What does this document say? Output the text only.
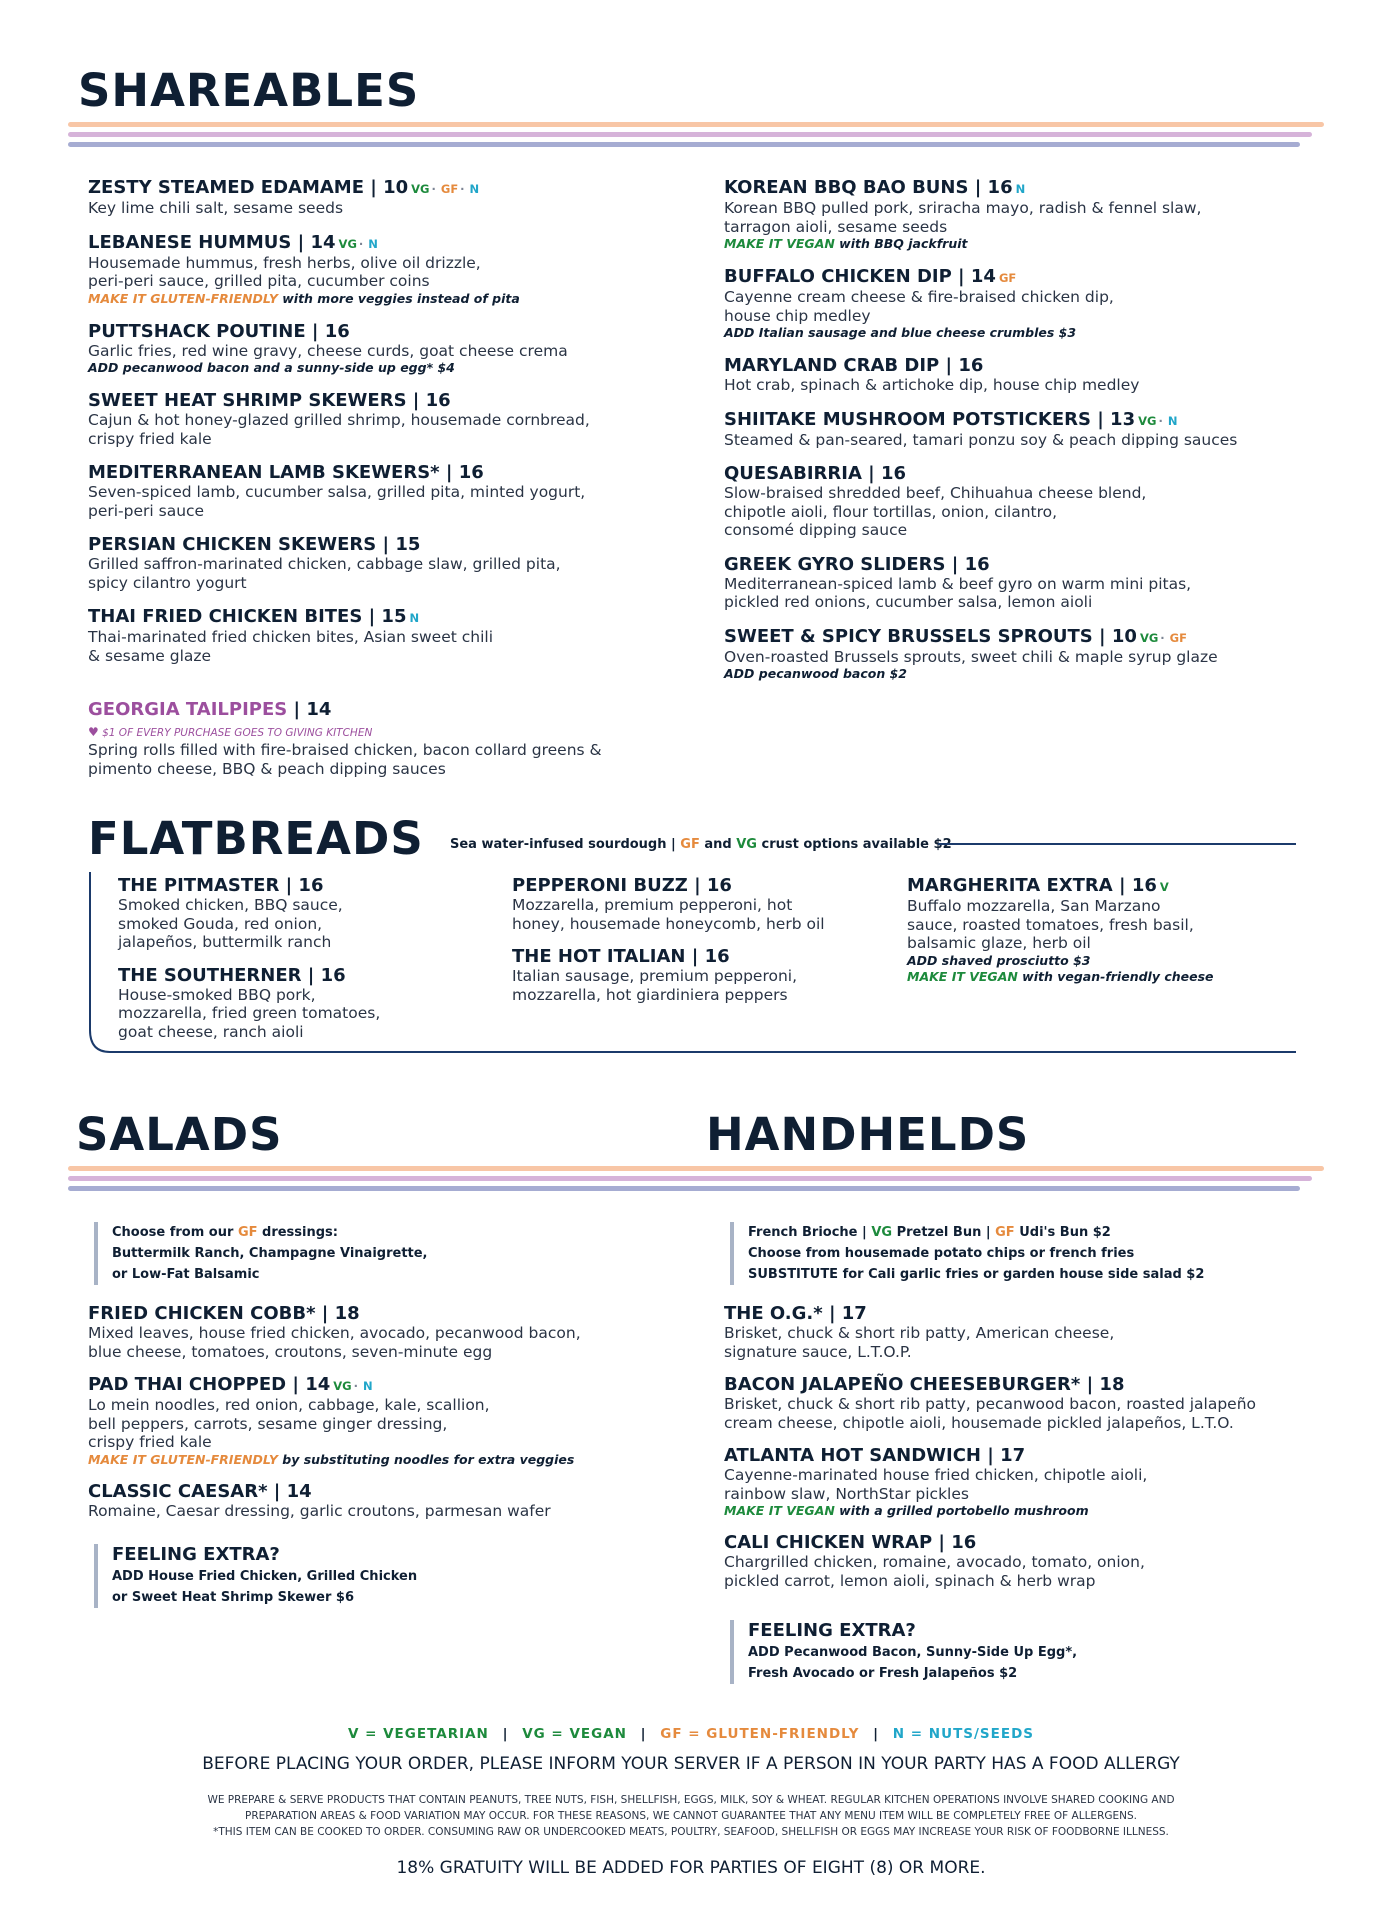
SHAREABLES
ZESTY STEAMED EDAMAME | 10 VG · GF · N
Key lime chili salt, sesame seeds
LEBANESE HUMMUS | 14 VG · N
Housemade hummus, fresh herbs, olive oil drizzle,
peri-peri sauce, grilled pita, cucumber coins
MAKE IT GLUTEN-FRIENDLY with more veggies instead of pita
PUTTSHACK POUTINE | 16
Garlic fries, red wine gravy, cheese curds, goat cheese crema
ADD pecanwood bacon and a sunny-side up egg* $4
SWEET HEAT SHRIMP SKEWERS | 16
Cajun & hot honey-glazed grilled shrimp, housemade cornbread,
crispy fried kale
MEDITERRANEAN LAMB SKEWERS* | 16
Seven-spiced lamb, cucumber salsa, grilled pita, minted yogurt,
peri-peri sauce
PERSIAN CHICKEN SKEWERS | 15
Grilled saffron-marinated chicken, cabbage slaw, grilled pita,
spicy cilantro yogurt
THAI FRIED CHICKEN BITES | 15 N
Thai-marinated fried chicken bites, Asian sweet chili
& sesame glaze
KOREAN BBQ BAO BUNS | 16 N
Korean BBQ pulled pork, sriracha mayo, radish & fennel slaw,
tarragon aioli, sesame seeds
MAKE IT VEGAN with BBQ jackfruit
BUFFALO CHICKEN DIP | 14 GF
Cayenne cream cheese & fire-braised chicken dip,
house chip medley
ADD Italian sausage and blue cheese crumbles $3
MARYLAND CRAB DIP | 16
Hot crab, spinach & artichoke dip, house chip medley
SHIITAKE MUSHROOM POTSTICKERS | 13 VG · N
Steamed & pan-seared, tamari ponzu soy & peach dipping sauces
QUESABIRRIA | 16
Slow-braised shredded beef, Chihuahua cheese blend,
chipotle aioli, flour tortillas, onion, cilantro,
consomé dipping sauce
GREEK GYRO SLIDERS | 16
Mediterranean-spiced lamb & beef gyro on warm mini pitas,
pickled red onions, cucumber salsa, lemon aioli
SWEET & SPICY BRUSSELS SPROUTS | 10 VG · GF
Oven-roasted Brussels sprouts, sweet chili & maple syrup glaze
ADD pecanwood bacon $2
GEORGIA TAILPIPES | 14
♥ $1 OF EVERY PURCHASE GOES TO GIVING KITCHEN
Spring rolls filled with fire-braised chicken, bacon collard greens &
pimento cheese, BBQ & peach dipping sauces
FLATBREADS Sea water-infused sourdough | GF and VG crust options available $2
THE PITMASTER | 16
Smoked chicken, BBQ sauce,
smoked Gouda, red onion,
jalapeños, buttermilk ranch
THE SOUTHERNER | 16
House-smoked BBQ pork,
mozzarella, fried green tomatoes,
goat cheese, ranch aioli
PEPPERONI BUZZ | 16
Mozzarella, premium pepperoni, hot
honey, housemade honeycomb, herb oil
THE HOT ITALIAN | 16
Italian sausage, premium pepperoni,
mozzarella, hot giardiniera peppers
MARGHERITA EXTRA | 16 V
Buffalo mozzarella, San Marzano
sauce, roasted tomatoes, fresh basil,
balsamic glaze, herb oil
ADD shaved prosciutto $3
MAKE IT VEGAN with vegan-friendly cheese
SALADS	HANDHELDS
Choose from our GF dressings:
Buttermilk Ranch, Champagne Vinaigrette,
or Low-Fat Balsamic
FRIED CHICKEN COBB* | 18
Mixed leaves, house fried chicken, avocado, pecanwood bacon,
blue cheese, tomatoes, croutons, seven-minute egg
PAD THAI CHOPPED | 14 VG · N
Lo mein noodles, red onion, cabbage, kale, scallion,
bell peppers, carrots, sesame ginger dressing,
crispy fried kale
MAKE IT GLUTEN-FRIENDLY by substituting noodles for extra veggies
CLASSIC CAESAR* | 14
Romaine, Caesar dressing, garlic croutons, parmesan wafer
FEELING EXTRA?
ADD House Fried Chicken, Grilled Chicken
or Sweet Heat Shrimp Skewer $6
French Brioche | VG Pretzel Bun | GF Udi's Bun $2
Choose from housemade potato chips or french fries
SUBSTITUTE for Cali garlic fries or garden house side salad $2
THE O.G.* | 17
Brisket, chuck & short rib patty, American cheese,
signature sauce, L.T.O.P.
BACON JALAPEÑO CHEESEBURGER* | 18
Brisket, chuck & short rib patty, pecanwood bacon, roasted jalapeño
cream cheese, chipotle aioli, housemade pickled jalapeños, L.T.O.
ATLANTA HOT SANDWICH | 17
Cayenne-marinated house fried chicken, chipotle aioli,
rainbow slaw, NorthStar pickles
MAKE IT VEGAN with a grilled portobello mushroom
CALI CHICKEN WRAP | 16
Chargrilled chicken, romaine, avocado, tomato, onion,
pickled carrot, lemon aioli, spinach & herb wrap
FEELING EXTRA?
ADD Pecanwood Bacon, Sunny-Side Up Egg*,
Fresh Avocado or Fresh Jalapeños $2
V = VEGETARIAN | VG = VEGAN | GF = GLUTEN-FRIENDLY | N = NUTS/SEEDS
BEFORE PLACING YOUR ORDER, PLEASE INFORM YOUR SERVER IF A PERSON IN YOUR PARTY HAS A FOOD ALLERGY
WE PREPARE & SERVE PRODUCTS THAT CONTAIN PEANUTS, TREE NUTS, FISH, SHELLFISH, EGGS, MILK, SOY & WHEAT. REGULAR KITCHEN OPERATIONS INVOLVE SHARED COOKING AND
PREPARATION AREAS & FOOD VARIATION MAY OCCUR. FOR THESE REASONS, WE CANNOT GUARANTEE THAT ANY MENU ITEM WILL BE COMPLETELY FREE OF ALLERGENS.
*THIS ITEM CAN BE COOKED TO ORDER. CONSUMING RAW OR UNDERCOOKED MEATS, POULTRY, SEAFOOD, SHELLFISH OR EGGS MAY INCREASE YOUR RISK OF FOODBORNE ILLNESS.
18% GRATUITY WILL BE ADDED FOR PARTIES OF EIGHT (8) OR MORE.
